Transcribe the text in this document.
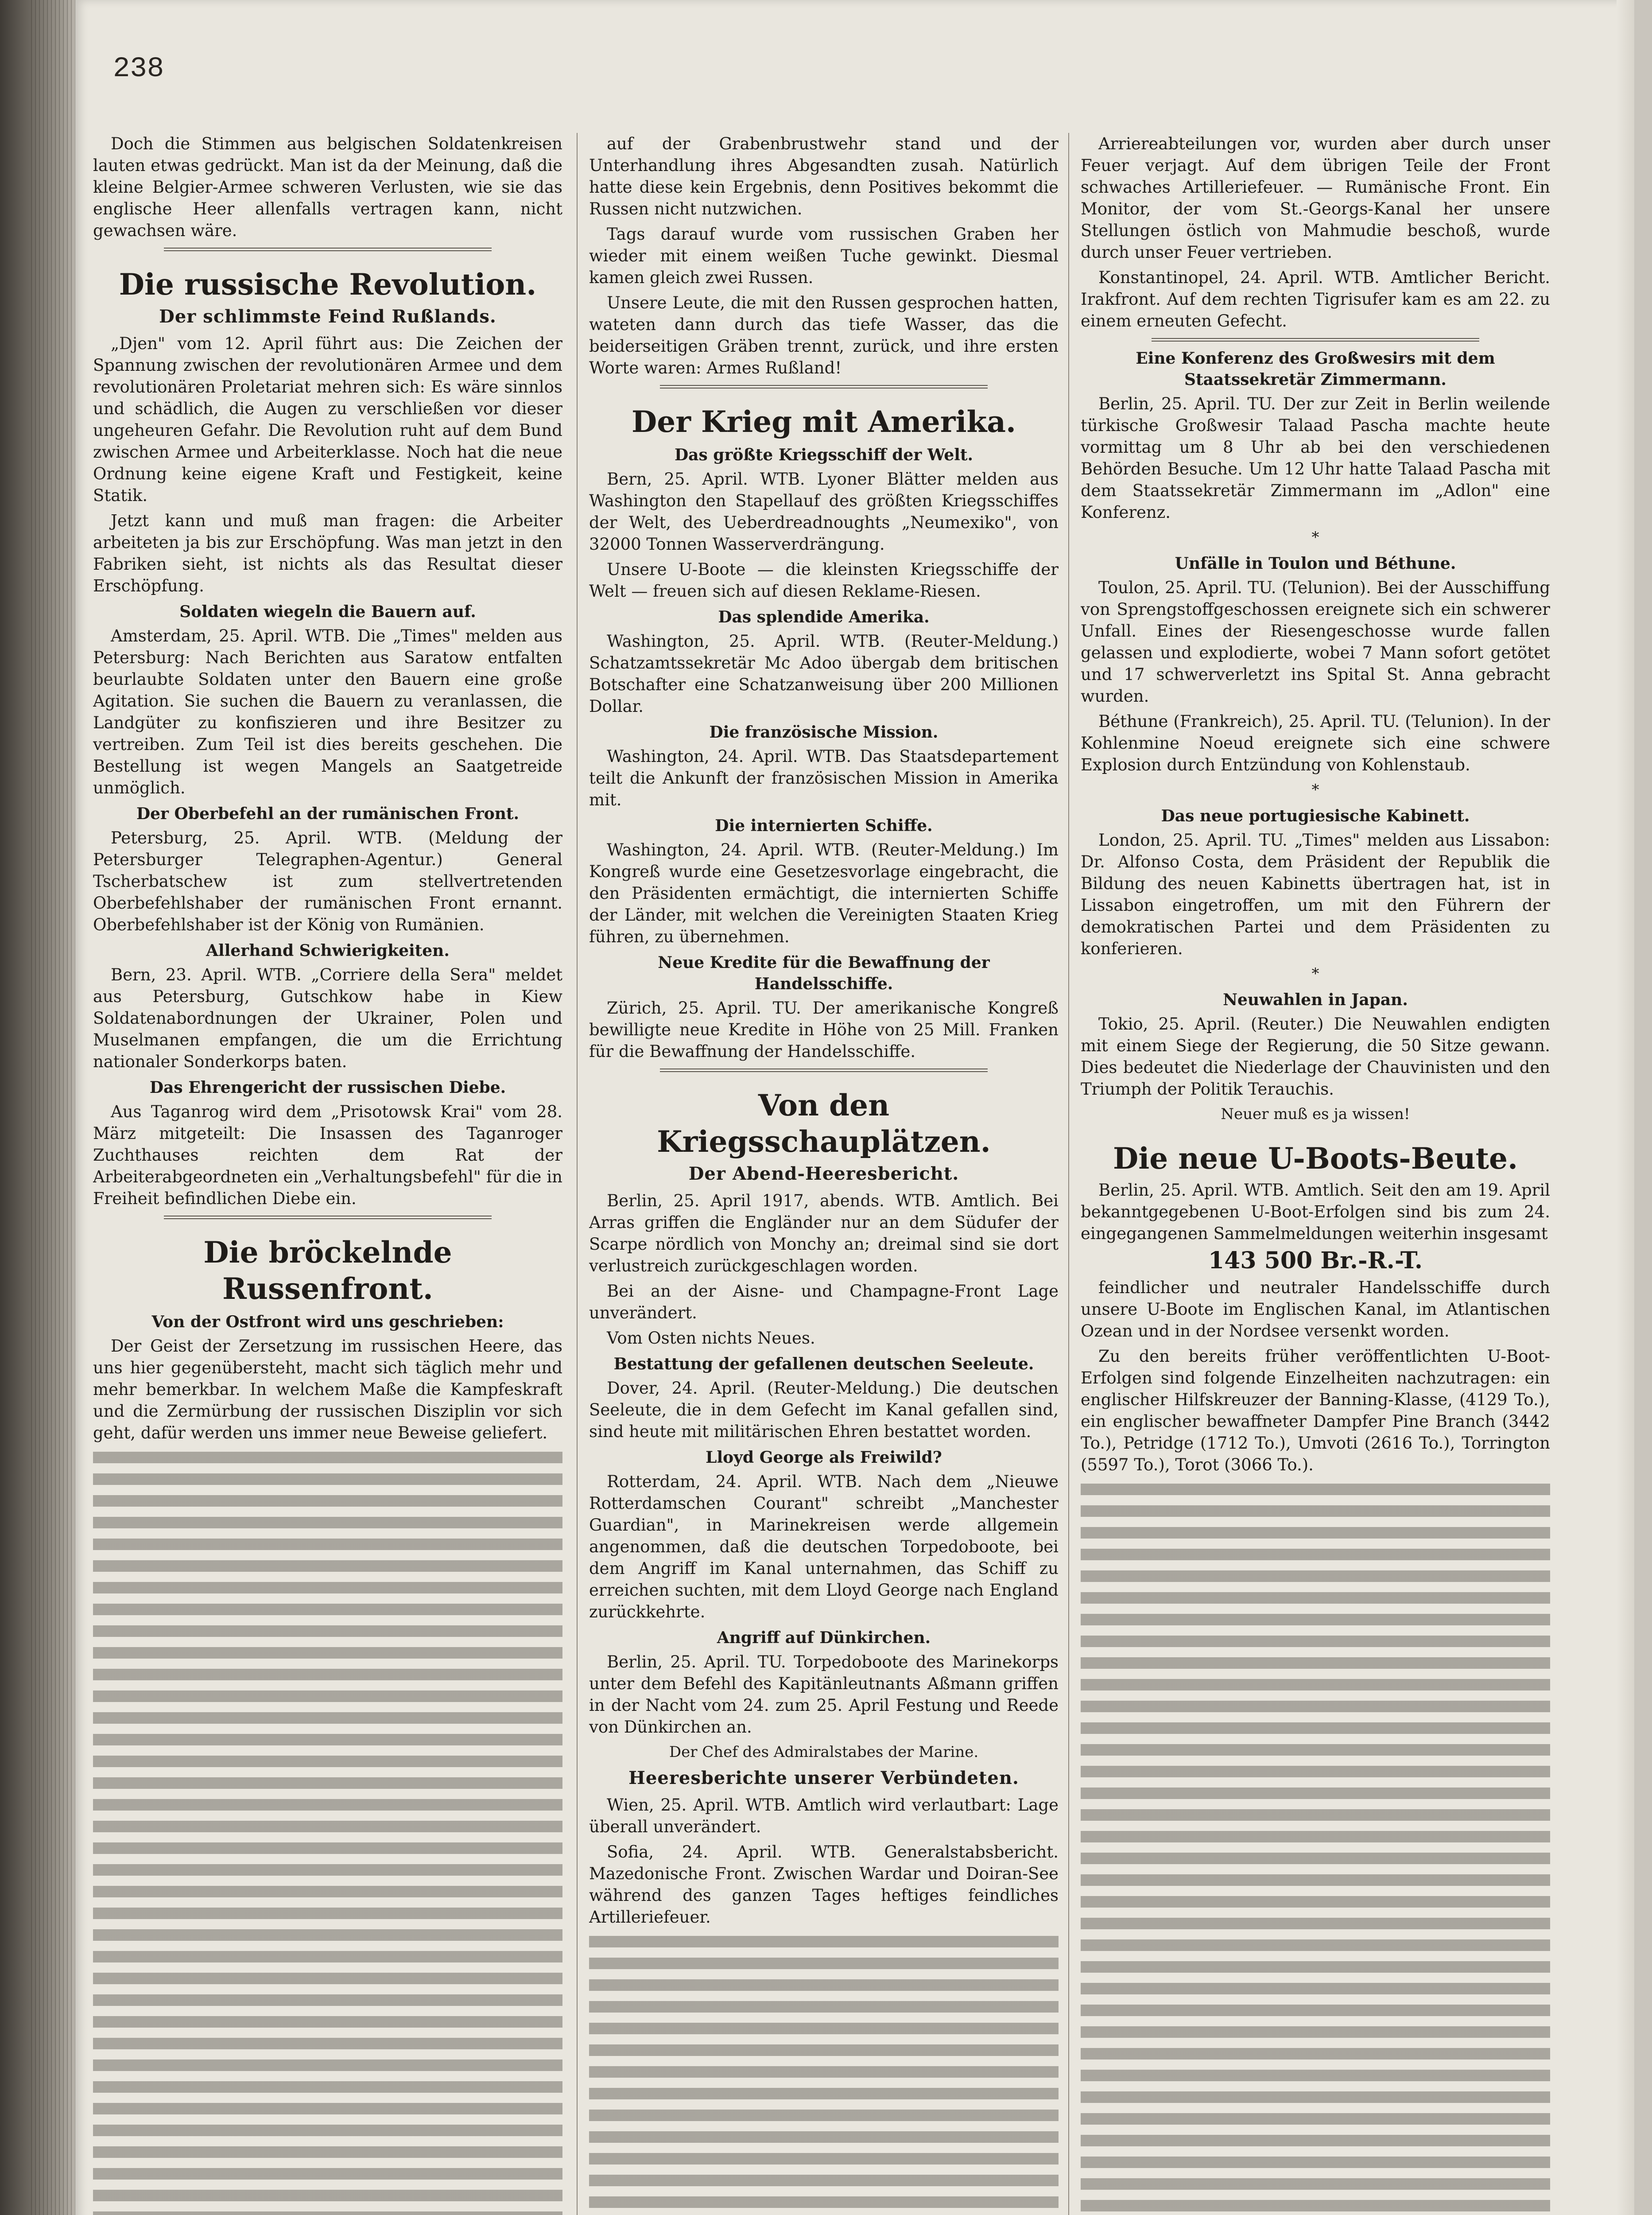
238

Doch die Stimmen aus belgischen Soldatenkreisen lauten etwas gedrückt. Man ist da der Meinung, daß die kleine Belgier-Armee schweren Verlusten, wie sie das englische Heer allenfalls vertragen kann, nicht gewachsen wäre.

Die russische Revolution.
Der schlimmste Feind Rußlands.

„Djen" vom 12. April führt aus: Die Zeichen der Spannung zwischen der revolutionären Armee und dem revolutionären Proletariat mehren sich: Es wäre sinnlos und schädlich, die Augen zu verschließen vor dieser ungeheuren Gefahr. Die Revolution ruht auf dem Bund zwischen Armee und Arbeiterklasse. Noch hat die neue Ordnung keine eigene Kraft und Festigkeit, keine Statik.

Jetzt kann und muß man fragen: die Arbeiter arbeiteten ja bis zur Erschöpfung. Was man jetzt in den Fabriken sieht, ist nichts als das Resultat dieser Erschöpfung.

Soldaten wiegeln die Bauern auf.

Amsterdam, 25. April. WTB. Die „Times" melden aus Petersburg: Nach Berichten aus Saratow entfalten beurlaubte Soldaten unter den Bauern eine große Agitation. Sie suchen die Bauern zu veranlassen, die Landgüter zu konfiszieren und ihre Besitzer zu vertreiben. Zum Teil ist dies bereits geschehen. Die Bestellung ist wegen Mangels an Saatgetreide unmöglich.

Der Oberbefehl an der rumänischen Front.

Petersburg, 25. April. WTB. (Meldung der Petersburger Telegraphen-Agentur.) General Tscherbatschew ist zum stellvertretenden Oberbefehlshaber der rumänischen Front ernannt. Oberbefehlshaber ist der König von Rumänien.

Allerhand Schwierigkeiten.

Bern, 23. April. WTB. „Corriere della Sera" meldet aus Petersburg, Gutschkow habe in Kiew Soldatenabordnungen der Ukrainer, Polen und Muselmanen empfangen, die um die Errichtung nationaler Sonderkorps baten.

Das Ehrengericht der russischen Diebe.

Aus Taganrog wird dem „Prisotowsk Krai" vom 28. März mitgeteilt: Die Insassen des Taganroger Zuchthauses reichten dem Rat der Arbeiterabgeordneten ein „Verhaltungsbefehl" für die in Freiheit befindlichen Diebe ein.

Die bröckelnde Russenfront.
Von der Ostfront wird uns geschrieben:

Der Geist der Zersetzung im russischen Heere, das uns hier gegenübersteht, macht sich täglich mehr und mehr bemerkbar. In welchem Maße die Kampfeskraft und die Zermürbung der russischen Disziplin vor sich geht, dafür werden uns immer neue Beweise geliefert.

auf der Grabenbrustwehr stand und der Unterhandlung ihres Abgesandten zusah. Natürlich hatte diese kein Ergebnis, denn Positives bekommt die Russen nicht nutzwichen.

Tags darauf wurde vom russischen Graben her wieder mit einem weißen Tuche gewinkt. Diesmal kamen gleich zwei Russen.

Unsere Leute, die mit den Russen gesprochen hatten, wateten dann durch das tiefe Wasser, das die beiderseitigen Gräben trennt, zurück, und ihre ersten Worte waren: Armes Rußland!

Der Krieg mit Amerika.
Das größte Kriegsschiff der Welt.

Bern, 25. April. WTB. Lyoner Blätter melden aus Washington den Stapellauf des größten Kriegsschiffes der Welt, des Ueberdreadnoughts „Neumexiko", von 32000 Tonnen Wasserverdrängung.

Unsere U-Boote — die kleinsten Kriegsschiffe der Welt — freuen sich auf diesen Reklame-Riesen.

Das splendide Amerika.

Washington, 25. April. WTB. (Reuter-Meldung.) Schatzamtssekretär Mc Adoo übergab dem britischen Botschafter eine Schatzanweisung über 200 Millionen Dollar.

Die französische Mission.

Washington, 24. April. WTB. Das Staatsdepartement teilt die Ankunft der französischen Mission in Amerika mit.

Die internierten Schiffe.

Washington, 24. April. WTB. (Reuter-Meldung.) Im Kongreß wurde eine Gesetzesvorlage eingebracht, die den Präsidenten ermächtigt, die internierten Schiffe der Länder, mit welchen die Vereinigten Staaten Krieg führen, zu übernehmen.

Neue Kredite für die Bewaffnung der Handelsschiffe.

Zürich, 25. April. TU. Der amerikanische Kongreß bewilligte neue Kredite in Höhe von 25 Mill. Franken für die Bewaffnung der Handelsschiffe.

Von den Kriegsschauplätzen.
Der Abend-Heeresbericht.

Berlin, 25. April 1917, abends. WTB. Amtlich. Bei Arras griffen die Engländer nur an dem Südufer der Scarpe nördlich von Monchy an; dreimal sind sie dort verlustreich zurückgeschlagen worden.

Bei an der Aisne- und Champagne-Front Lage unverändert.

Vom Osten nichts Neues.

Bestattung der gefallenen deutschen Seeleute.

Dover, 24. April. (Reuter-Meldung.) Die deutschen Seeleute, die in dem Gefecht im Kanal gefallen sind, sind heute mit militärischen Ehren bestattet worden.

Lloyd George als Freiwild?

Rotterdam, 24. April. WTB. Nach dem „Nieuwe Rotterdamschen Courant" schreibt „Manchester Guardian", in Marinekreisen werde allgemein angenommen, daß die deutschen Torpedoboote, bei dem Angriff im Kanal unternahmen, das Schiff zu erreichen suchten, mit dem Lloyd George nach England zurückkehrte.

Angriff auf Dünkirchen.

Berlin, 25. April. TU. Torpedoboote des Marinekorps unter dem Befehl des Kapitänleutnants Aßmann griffen in der Nacht vom 24. zum 25. April Festung und Reede von Dünkirchen an.

Der Chef des Admiralstabes der Marine.
Heeresberichte unserer Verbündeten.

Wien, 25. April. WTB. Amtlich wird verlautbart: Lage überall unverändert.

Sofia, 24. April. WTB. Generalstabsbericht. Mazedonische Front. Zwischen Wardar und Doiran-See während des ganzen Tages heftiges feindliches Artilleriefeuer.

Arriereabteilungen vor, wurden aber durch unser Feuer verjagt. Auf dem übrigen Teile der Front schwaches Artilleriefeuer. — Rumänische Front. Ein Monitor, der vom St.-Georgs-Kanal her unsere Stellungen östlich von Mahmudie beschoß, wurde durch unser Feuer vertrieben.

Konstantinopel, 24. April. WTB. Amtlicher Bericht. Irakfront. Auf dem rechten Tigrisufer kam es am 22. zu einem erneuten Gefecht.

Eine Konferenz des Großwesirs mit dem Staatssekretär Zimmermann.

Berlin, 25. April. TU. Der zur Zeit in Berlin weilende türkische Großwesir Talaad Pascha machte heute vormittag um 8 Uhr ab bei den verschiedenen Behörden Besuche. Um 12 Uhr hatte Talaad Pascha mit dem Staatssekretär Zimmermann im „Adlon" eine Konferenz.

*
Unfälle in Toulon und Béthune.

Toulon, 25. April. TU. (Telunion). Bei der Ausschiffung von Sprengstoffgeschossen ereignete sich ein schwerer Unfall. Eines der Riesengeschosse wurde fallen gelassen und explodierte, wobei 7 Mann sofort getötet und 17 schwerverletzt ins Spital St. Anna gebracht wurden.

Béthune (Frankreich), 25. April. TU. (Telunion). In der Kohlenmine Noeud ereignete sich eine schwere Explosion durch Entzündung von Kohlenstaub.

*
Das neue portugiesische Kabinett.

London, 25. April. TU. „Times" melden aus Lissabon: Dr. Alfonso Costa, dem Präsident der Republik die Bildung des neuen Kabinetts übertragen hat, ist in Lissabon eingetroffen, um mit den Führern der demokratischen Partei und dem Präsidenten zu konferieren.

*
Neuwahlen in Japan.

Tokio, 25. April. (Reuter.) Die Neuwahlen endigten mit einem Siege der Regierung, die 50 Sitze gewann. Dies bedeutet die Niederlage der Chauvinisten und den Triumph der Politik Terauchis.

Neuer muß es ja wissen!
Die neue U-Boots-Beute.

Berlin, 25. April. WTB. Amtlich. Seit den am 19. April bekanntgegebenen U-Boot-Erfolgen sind bis zum 24. eingegangenen Sammelmeldungen weiterhin insgesamt

143 500 Br.-R.-T.

feindlicher und neutraler Handelsschiffe durch unsere U-Boote im Englischen Kanal, im Atlantischen Ozean und in der Nordsee versenkt worden.

Zu den bereits früher veröffentlichten U-Boot-Erfolgen sind folgende Einzelheiten nachzutragen: ein englischer Hilfskreuzer der Banning-Klasse, (4129 To.), ein englischer bewaffneter Dampfer Pine Branch (3442 To.), Petridge (1712 To.), Umvoti (2616 To.), Torrington (5597 To.), Torot (3066 To.).
